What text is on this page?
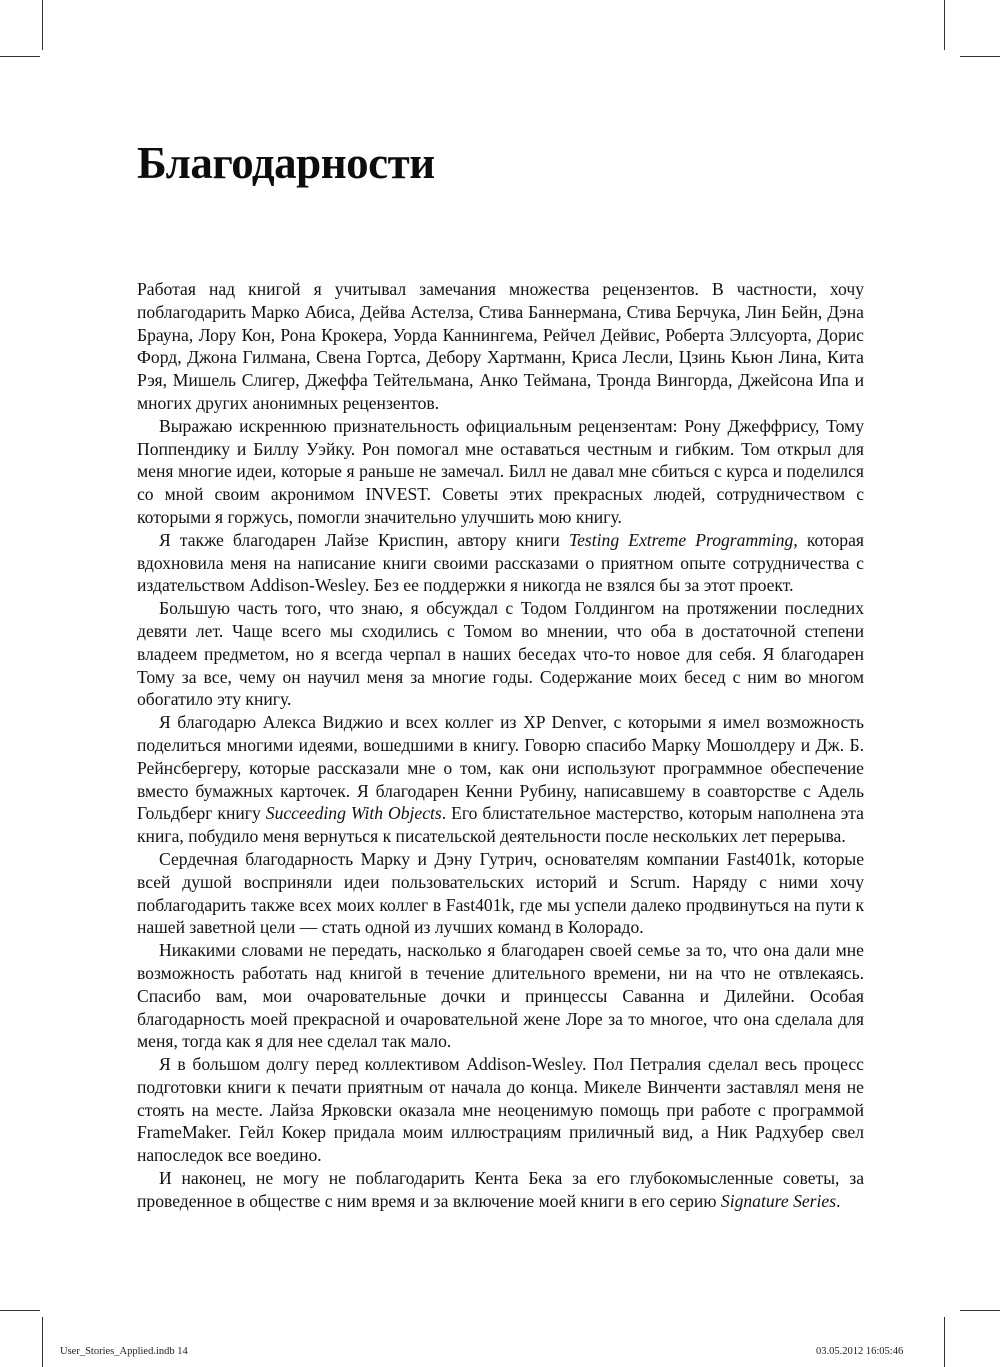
Благодарности

Работая над книгой я учитывал замечания множества рецензентов. В частности, хочу поблагодарить Марко Абиса, Дейва Астелза, Стива Баннермана, Стива Берчука, Лин Бейн, Дэна Брауна, Лору Кон, Рона Крокера, Уорда Каннингема, Рейчел Дейвис, Роберта Эллсуорта, Дорис Форд, Джона Гилмана, Свена Гортса, Дебору Хартманн, Криса Лесли, Цзинь Кьюн Лина, Кита Рэя, Мишель Слигер, Джеффа Тейтельмана, Анко Теймана, Тронда Вингорда, Джейсона Ипа и многих других анонимных рецензентов.

Выражаю искреннюю признательность официальным рецензентам: Рону Джеффрису, Тому Поппендику и Биллу Уэйку. Рон помогал мне оставаться честным и гибким. Том открыл для меня многие идеи, которые я раньше не замечал. Билл не давал мне сбиться с курса и поделился со мной своим акронимом INVEST. Советы этих прекрасных людей, сотрудничеством с которыми я горжусь, помогли значительно улучшить мою книгу.

Я также благодарен Лайзе Криспин, автору книги Testing Extreme Programming, которая вдохновила меня на написание книги своими рассказами о приятном опыте сотрудничества с издательством Addison-Wesley. Без ее поддержки я никогда не взялся бы за этот проект.

Большую часть того, что знаю, я обсуждал с Тодом Голдингом на протяжении последних девяти лет. Чаще всего мы сходились с Томом во мнении, что оба в достаточной степени владеем предметом, но я всегда черпал в наших беседах что-то новое для себя. Я благодарен Тому за все, чему он научил меня за многие годы. Содержание моих бесед с ним во многом обогатило эту книгу.

Я благодарю Алекса Виджио и всех коллег из XP Denver, с которыми я имел возможность поделиться многими идеями, вошедшими в книгу. Говорю спасибо Марку Мошолдеру и Дж. Б. Рейнсбергеру, которые рассказали мне о том, как они используют программное обеспечение вместо бумажных карточек. Я благодарен Кенни Рубину, написавшему в соавторстве с Адель Гольдберг книгу Succeeding With Objects. Его блистательное мастерство, которым наполнена эта книга, побудило меня вернуться к писательской деятельности после нескольких лет перерыва.

Сердечная благодарность Марку и Дэну Гутрич, основателям компании Fast401k, которые всей душой восприняли идеи пользовательских историй и Scrum. Наряду с ними хочу поблагодарить также всех моих коллег в Fast401k, где мы успели далеко продвинуться на пути к нашей заветной цели — стать одной из лучших команд в Колорадо.

Никакими словами не передать, насколько я благодарен своей семье за то, что она дали мне возможность работать над книгой в течение длительного времени, ни на что не отвлекаясь. Спасибо вам, мои очаровательные дочки и принцессы Саванна и Дилейни. Особая благодарность моей прекрасной и очаровательной жене Лоре за то многое, что она сделала для меня, тогда как я для нее сделал так мало.

Я в большом долгу перед коллективом Addison-Wesley. Пол Петралия сделал весь процесс подготовки книги к печати приятным от начала до конца. Микеле Винченти заставлял меня не стоять на месте. Лайза Ярковски оказала мне неоценимую помощь при работе с программой FrameMaker. Гейл Кокер придала моим иллюстрациям приличный вид, а Ник Радхубер свел напоследок все воедино.

И наконец, не могу не поблагодарить Кента Бека за его глубокомысленные советы, за проведенное в обществе с ним время и за включение моей книги в его серию Signature Series.

User_Stories_Applied.indb 14	03.05.2012 16:05:46
